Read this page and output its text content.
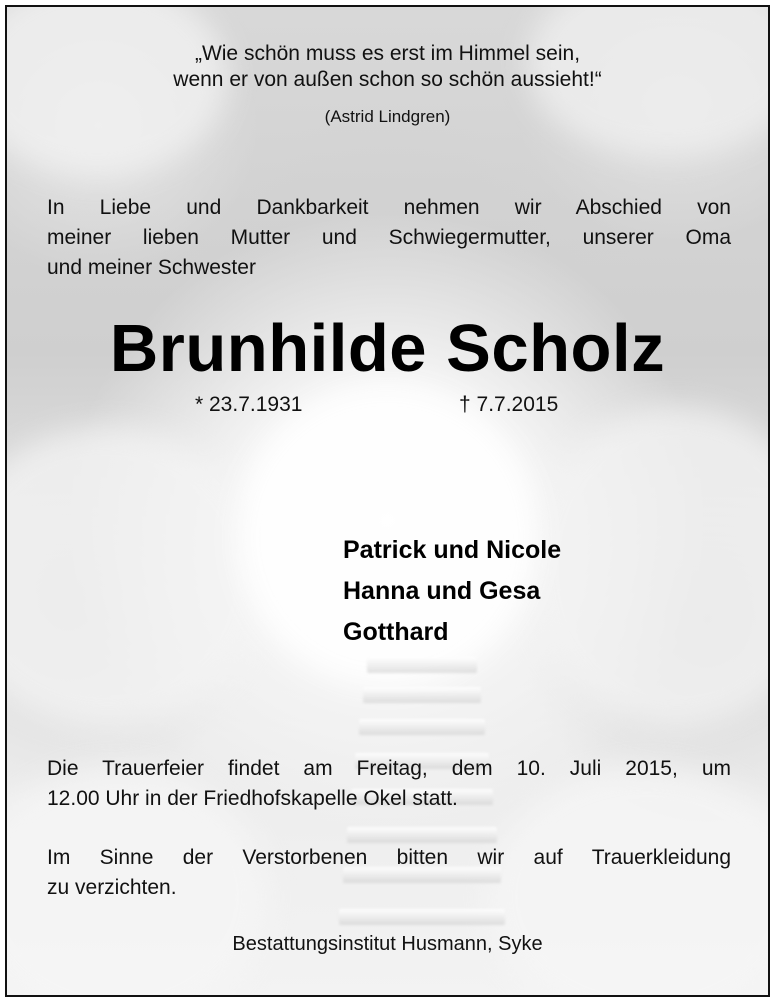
„Wie schön muss es erst im Himmel sein,
wenn er von außen schon so schön aussieht!“
(Astrid Lindgren)
In Liebe und Dankbarkeit nehmen wir Abschied von
meiner lieben Mutter und Schwiegermutter, unserer Oma
und meiner Schwester
Brunhilde Scholz
* 23.7.1931	† 7.7.2015
Patrick und Nicole
Hanna und Gesa
Gotthard
Die Trauerfeier findet am Freitag, dem 10. Juli 2015, um
12.00 Uhr in der Friedhofskapelle Okel statt.
Im Sinne der Verstorbenen bitten wir auf Trauerkleidung
zu verzichten.
Bestattungsinstitut Husmann, Syke
